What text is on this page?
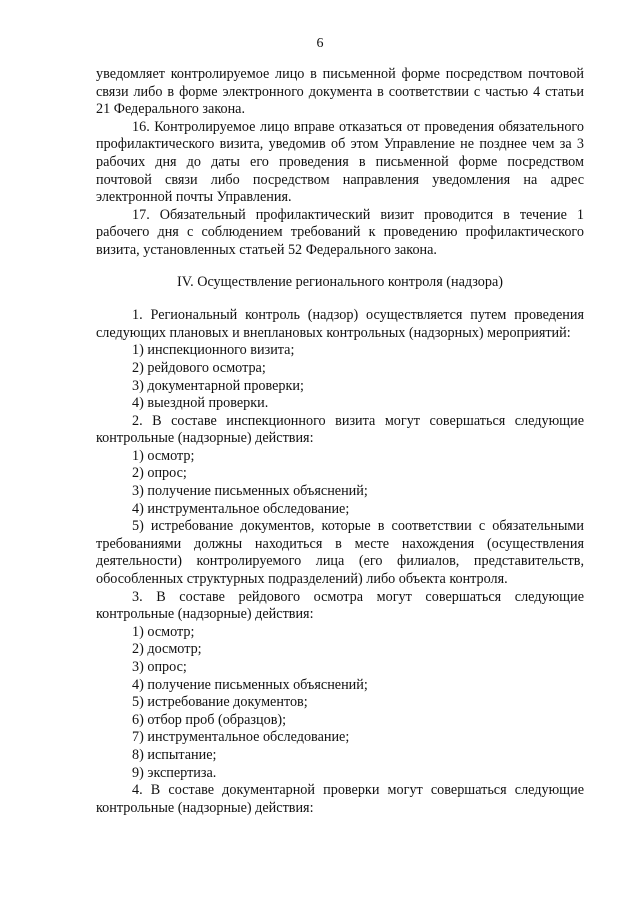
6

уведомляет контролируемое лицо в письменной форме посредством почтовой связи либо в форме электронного документа в соответствии с частью 4 статьи 21 Федерального закона.

16. Контролируемое лицо вправе отказаться от проведения обязательного профилактического визита, уведомив об этом Управление не позднее чем за 3 рабочих дня до даты его проведения в письменной форме посредством почтовой связи либо посредством направления уведомления на адрес электронной почты Управления.

17. Обязательный профилактический визит проводится в течение 1 рабочего дня с соблюдением требований к проведению профилактического визита, установленных статьей 52 Федерального закона.

IV. Осуществление регионального контроля (надзора)

1. Региональный контроль (надзор) осуществляется путем проведения следующих плановых и внеплановых контрольных (надзорных) мероприятий:

1) инспекционного визита;

2) рейдового осмотра;

3) документарной проверки;

4) выездной проверки.

2. В составе инспекционного визита могут совершаться следующие контрольные (надзорные) действия:

1) осмотр;

2) опрос;

3) получение письменных объяснений;

4) инструментальное обследование;

5) истребование документов, которые в соответствии с обязательными требованиями должны находиться в месте нахождения (осуществления деятельности) контролируемого лица (его филиалов, представительств, обособленных структурных подразделений) либо объекта контроля.

3. В составе рейдового осмотра могут совершаться следующие контрольные (надзорные) действия:

1) осмотр;

2) досмотр;

3) опрос;

4) получение письменных объяснений;

5) истребование документов;

6) отбор проб (образцов);

7) инструментальное обследование;

8) испытание;

9) экспертиза.

4. В составе документарной проверки могут совершаться следующие контрольные (надзорные) действия:
